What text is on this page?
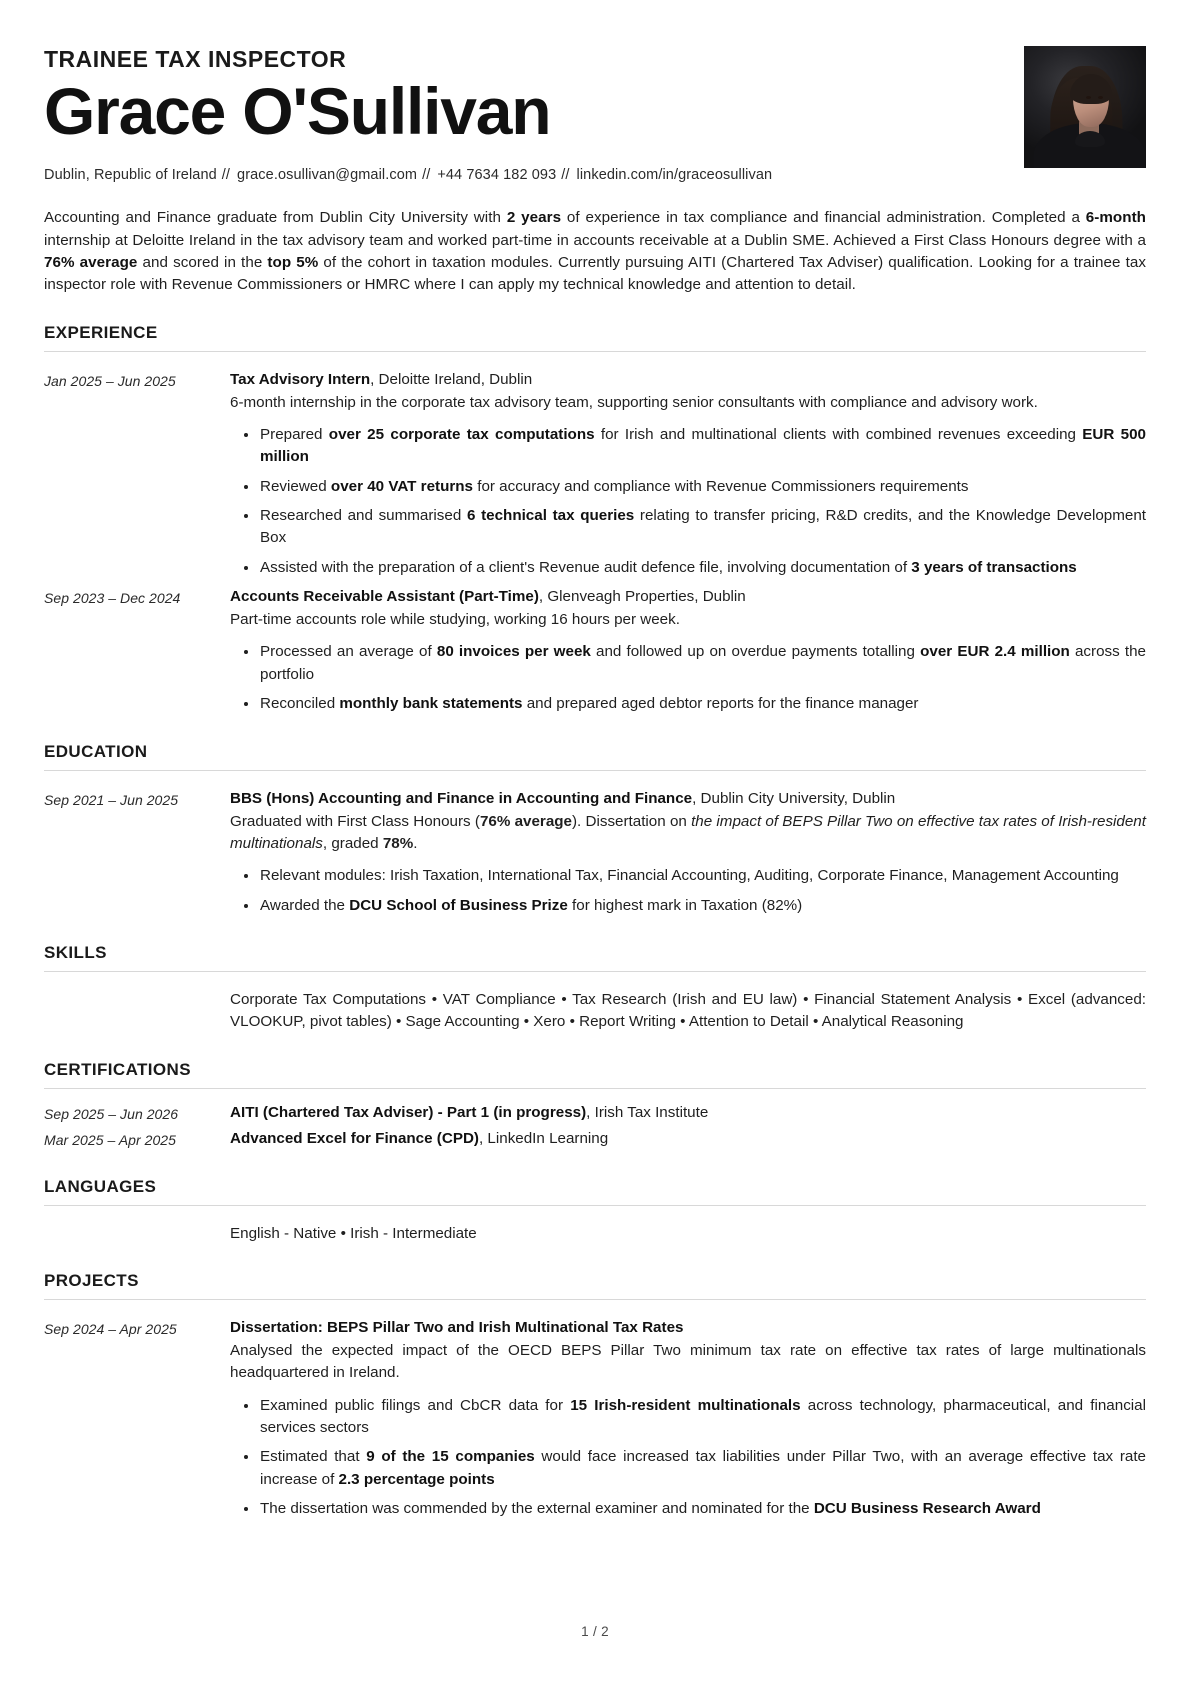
TRAINEE TAX INSPECTOR
Grace O'Sullivan
Dublin, Republic of Ireland // grace.osullivan@gmail.com // +44 7634 182 093 // linkedin.com/in/graceosullivan
Accounting and Finance graduate from Dublin City University with 2 years of experience in tax compliance and financial administration. Completed a 6-month internship at Deloitte Ireland in the tax advisory team and worked part-time in accounts receivable at a Dublin SME. Achieved a First Class Honours degree with a 76% average and scored in the top 5% of the cohort in taxation modules. Currently pursuing AITI (Chartered Tax Adviser) qualification. Looking for a trainee tax inspector role with Revenue Commissioners or HMRC where I can apply my technical knowledge and attention to detail.
EXPERIENCE
Jan 2025 – Jun 2025	Tax Advisory Intern, Deloitte Ireland, Dublin
6-month internship in the corporate tax advisory team, supporting senior consultants with compliance and advisory work.
Prepared over 25 corporate tax computations for Irish and multinational clients with combined revenues exceeding EUR 500 million
Reviewed over 40 VAT returns for accuracy and compliance with Revenue Commissioners requirements
Researched and summarised 6 technical tax queries relating to transfer pricing, R&D credits, and the Knowledge Development Box
Assisted with the preparation of a client's Revenue audit defence file, involving documentation of 3 years of transactions
Sep 2023 – Dec 2024	Accounts Receivable Assistant (Part-Time), Glenveagh Properties, Dublin
Part-time accounts role while studying, working 16 hours per week.
Processed an average of 80 invoices per week and followed up on overdue payments totalling over EUR 2.4 million across the portfolio
Reconciled monthly bank statements and prepared aged debtor reports for the finance manager
EDUCATION
Sep 2021 – Jun 2025	BBS (Hons) Accounting and Finance in Accounting and Finance, Dublin City University, Dublin
Graduated with First Class Honours (76% average). Dissertation on the impact of BEPS Pillar Two on effective tax rates of Irish-resident multinationals, graded 78%.
Relevant modules: Irish Taxation, International Tax, Financial Accounting, Auditing, Corporate Finance, Management Accounting
Awarded the DCU School of Business Prize for highest mark in Taxation (82%)
SKILLS
Corporate Tax Computations • VAT Compliance • Tax Research (Irish and EU law) • Financial Statement Analysis • Excel (advanced: VLOOKUP, pivot tables) • Sage Accounting • Xero • Report Writing • Attention to Detail • Analytical Reasoning
CERTIFICATIONS
Sep 2025 – Jun 2026	AITI (Chartered Tax Adviser) - Part 1 (in progress), Irish Tax Institute
Mar 2025 – Apr 2025	Advanced Excel for Finance (CPD), LinkedIn Learning
LANGUAGES
English - Native • Irish - Intermediate
PROJECTS
Sep 2024 – Apr 2025	Dissertation: BEPS Pillar Two and Irish Multinational Tax Rates
Analysed the expected impact of the OECD BEPS Pillar Two minimum tax rate on effective tax rates of large multinationals headquartered in Ireland.
Examined public filings and CbCR data for 15 Irish-resident multinationals across technology, pharmaceutical, and financial services sectors
Estimated that 9 of the 15 companies would face increased tax liabilities under Pillar Two, with an average effective tax rate increase of 2.3 percentage points
The dissertation was commended by the external examiner and nominated for the DCU Business Research Award
1 / 2
